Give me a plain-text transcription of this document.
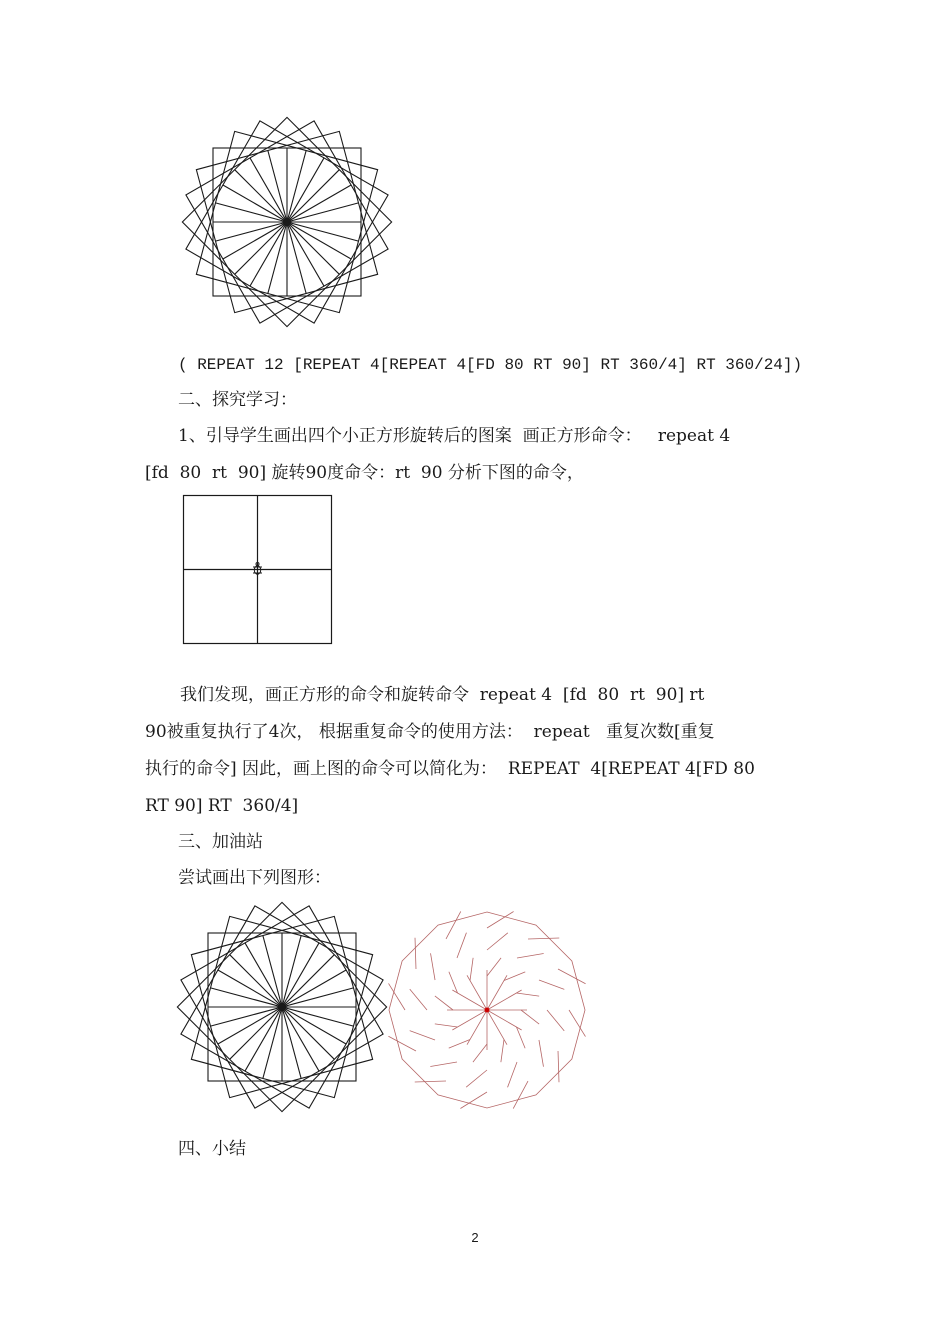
( REPEAT 12 [REPEAT 4[REPEAT 4[FD 80 RT 90] RT 360/4] RT 360/24])
二、探究学习：
1、引导学生画出四个小正方形旋转后的图案  画正方形命令：   repeat 4
[fd  80  rt  90] 旋转90度命令：rt  90 分析下图的命令，
我们发现，画正方形的命令和旋转命令  repeat 4  [fd  80  rt  90] rt
90被重复执行了4次， 根据重复命令的使用方法：  repeat   重复次数[重复
执行的命令] 因此，画上图的命令可以简化为：  REPEAT  4[REPEAT 4[FD 80
RT 90] RT  360/4]
三、加油站
尝试画出下列图形：
四、小结
2
